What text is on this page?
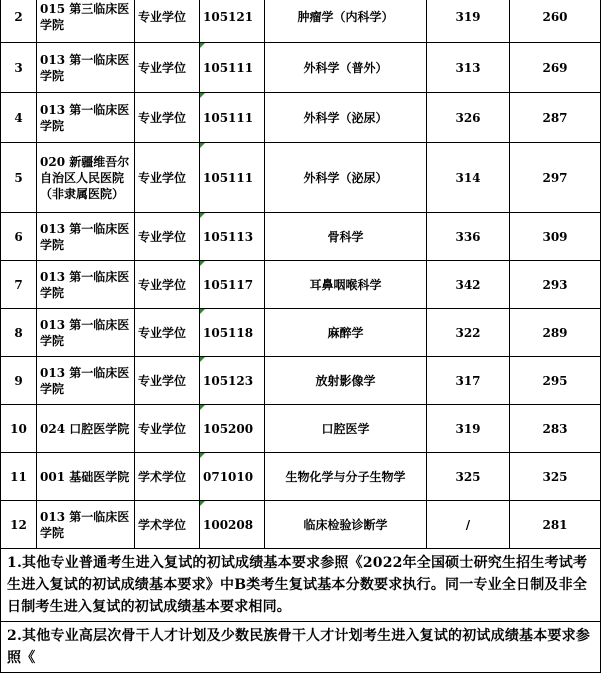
2	015 第三临床医学院	专业学位	105121	肿瘤学（内科学）	319	260
3	013 第一临床医学院	专业学位	105111	外科学（普外）	313	269
4	013 第一临床医学院	专业学位	105111	外科学（泌尿）	326	287
5	020 新疆维吾尔自治区人民医院（非隶属医院）	专业学位	105111	外科学（泌尿）	314	297
6	013 第一临床医学院	专业学位	105113	骨科学	336	309
7	013 第一临床医学院	专业学位	105117	耳鼻咽喉科学	342	293
8	013 第一临床医学院	专业学位	105118	麻醉学	322	289
9	013 第一临床医学院	专业学位	105123	放射影像学	317	295
10	024 口腔医学院	专业学位	105200	口腔医学	319	283
11	001 基础医学院	学术学位	071010	生物化学与分子生物学	325	325
12	013 第一临床医学院	学术学位	100208	临床检验诊断学	/	281
1.其他专业普通考生进入复试的初试成绩基本要求参照《2022年全国硕士研究生招生考试考生进入复试的初试成绩基本要求》中B类考生复试基本分数要求执行。同一专业全日制及非全日制考生进入复试的初试成绩基本要求相同。						
2.其他专业高层次骨干人才计划及少数民族骨干人才计划考生进入复试的初试成绩基本要求参照《						
